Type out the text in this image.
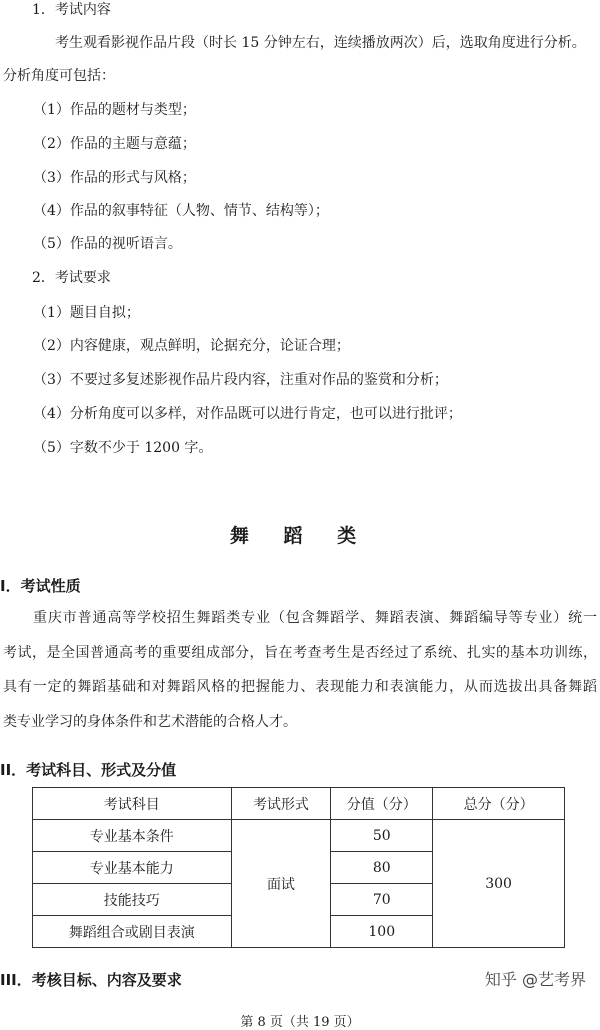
1．考试内容
考生观看影视作品片段（时长 15 分钟左右，连续播放两次）后，选取角度进行分析。
分析角度可包括：
（1）作品的题材与类型；
（2）作品的主题与意蕴；
（3）作品的形式与风格；
（4）作品的叙事特征（人物、情节、结构等）；
（5）作品的视听语言。
2．考试要求
（1）题目自拟；
（2）内容健康，观点鲜明，论据充分，论证合理；
（3）不要过多复述影视作品片段内容，注重对作品的鉴赏和分析；
（4）分析角度可以多样，对作品既可以进行肯定，也可以进行批评；
（5）字数不少于 1200 字。
舞 蹈 类
I．考试性质
重庆市普通高等学校招生舞蹈类专业（包含舞蹈学、舞蹈表演、舞蹈编导等专业）统一
考试，是全国普通高考的重要组成部分，旨在考查考生是否经过了系统、扎实的基本功训练，
具有一定的舞蹈基础和对舞蹈风格的把握能力、表现能力和表演能力，从而选拔出具备舞蹈
类专业学习的身体条件和艺术潜能的合格人才。
II．考试科目、形式及分值
考试科目	考试形式	分值（分）	总分（分）
专业基本条件	面试	50	300
专业基本能力		80	
技能技巧		70	
舞蹈组合或剧目表演		100	
III．考核目标、内容及要求
第 8 页（共 19 页）
知乎 @艺考界
